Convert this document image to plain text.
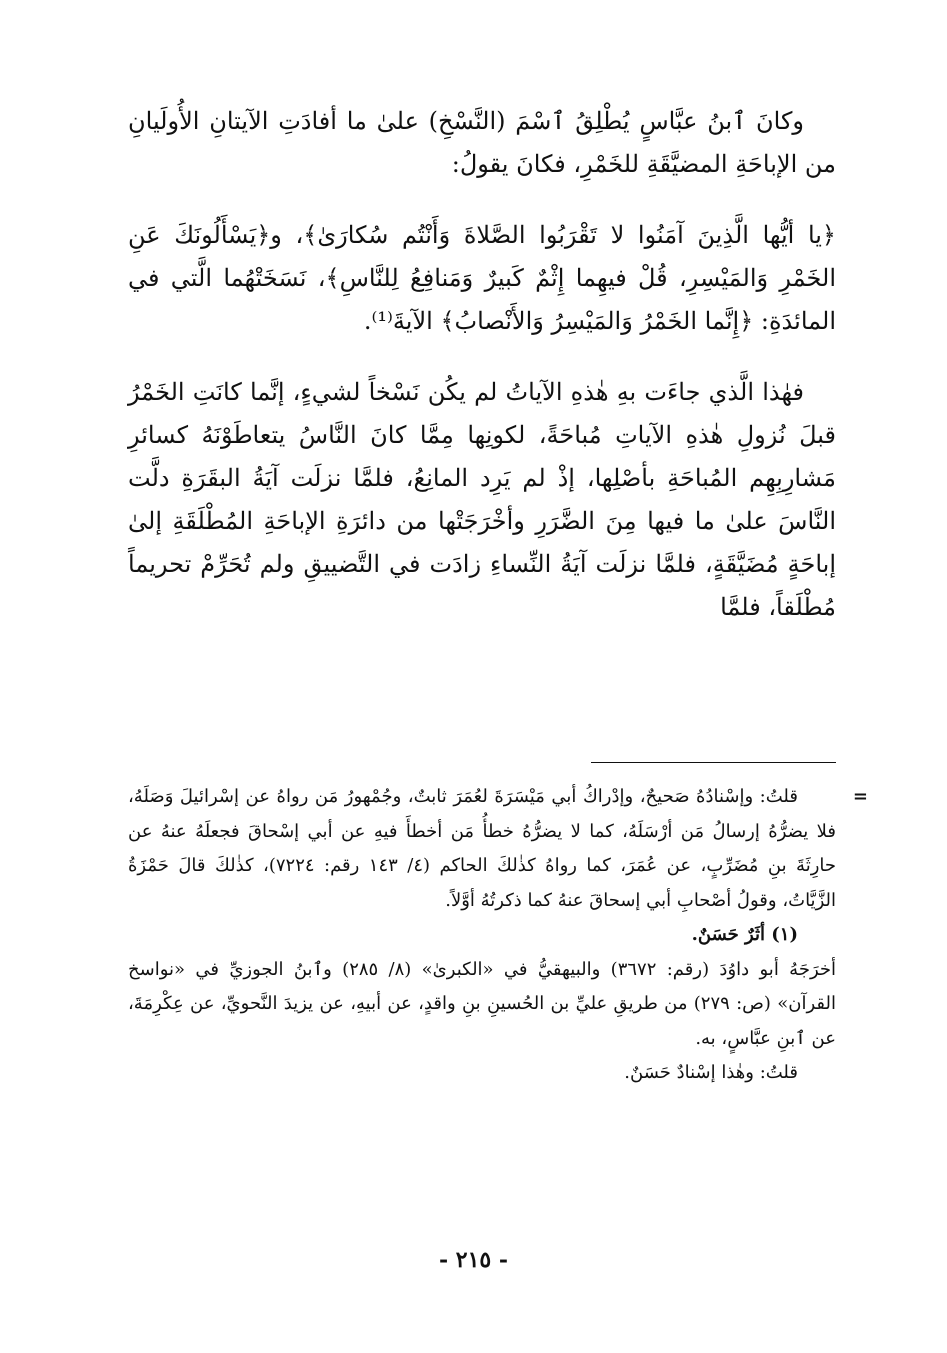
وكانَ ٱبنُ عبَّاسٍ يُطْلِقُ ٱسْمَ (النَّسْخِ) علىٰ ما أفادَتِ الآيتانِ الأُولَيانِ من الإباحَةِ المضيَّقَةِ للخَمْرِ، فكانَ يقولُ:

﴿يا أيُّها الَّذِينَ آمَنُوا لا تَقْرَبُوا الصَّلاةَ وَأَنْتُم سُكارَىٰ﴾، و﴿يَسْأَلُونَكَ عَنِ الخَمْرِ وَالمَيْسِرِ، قُلْ فيهِما إِثْمٌ كَبيرٌ وَمَنافِعُ لِلنَّاسِ﴾، نَسَخَتْهُما الَّتي في المائدَةِ: ﴿إِنَّما الخَمْرُ وَالمَيْسِرُ وَالأَنْصابُ﴾ الآيةَ⁽¹⁾.

فهٰذا الَّذي جاءَت بهِ هٰذهِ الآياتُ لم يكُن نَسْخاً لشيءٍ، إنَّما كانَتِ الخَمْرُ قبلَ نُزولِ هٰذهِ الآياتِ مُباحَةً، لكونِها مِمَّا كانَ النَّاسُ يتعاطَوْنَهُ كسائرِ مَشارِبِهِم المُباحَةِ بأصْلِها، إذْ لم يَرِد المانِعُ، فلمَّا نزلَت آيَةُ البقَرَةِ دلَّت النَّاسَ علىٰ ما فيها مِنَ الضَّرَرِ وأخْرَجَتْها من دائرَةِ الإباحَةِ المُطْلَقَةِ إلىٰ إباحَةٍ مُضَيَّقَةٍ، فلمَّا نزلَت آيَةُ النِّساءِ زادَت في التَّضييقِ ولم تُحَرِّمْ تحريماً مُطْلَقاً، فلمَّا

=

قلتُ: وإسْنادُهُ صَحيحٌ، وإدْراكُ أبي مَيْسَرَةَ لعُمَرَ ثابتٌ، وجُمْهورُ مَن رواهُ عن إسْرائيلَ وَصَلَهُ، فلا يضرُّهُ إرسالُ مَن أرْسَلَهُ، كما لا يضرُّهُ خطأُ مَن أخطأَ فيهِ عن أبي إسْحاقَ فجعلَهُ عنهُ عن حارِثَةَ بنِ مُضَرِّبٍ، عن عُمَرَ، كما رواهُ كذٰلكَ الحاكم (٤/ ١٤٣ رقم: ٧٢٢٤)، كذٰلكَ قالَ حَمْزَةُ الزَّيَّاتُ، وقولُ أصْحابِ أبي إسحاقَ عنهُ كما ذكرتُهُ أوَّلاً.

(١) أثَرٌ حَسَنٌ.

أخرَجَهُ أبو داوُدَ (رقم: ٣٦٧٢) والبيهقيُّ في «الكبرىٰ» (٨/ ٢٨٥) وٱبنُ الجوزيِّ في «نواسخ القرآن» (ص: ٢٧٩) من طريقِ عليِّ بن الحُسينِ بنِ واقدٍ، عن أبيهِ، عن يزيدَ النَّحويِّ، عن عِكْرِمَةَ، عن ٱبنِ عبَّاسٍ، به.

قلتُ: وهٰذا إسْنادٌ حَسَنٌ.

- ٢١٥ -
